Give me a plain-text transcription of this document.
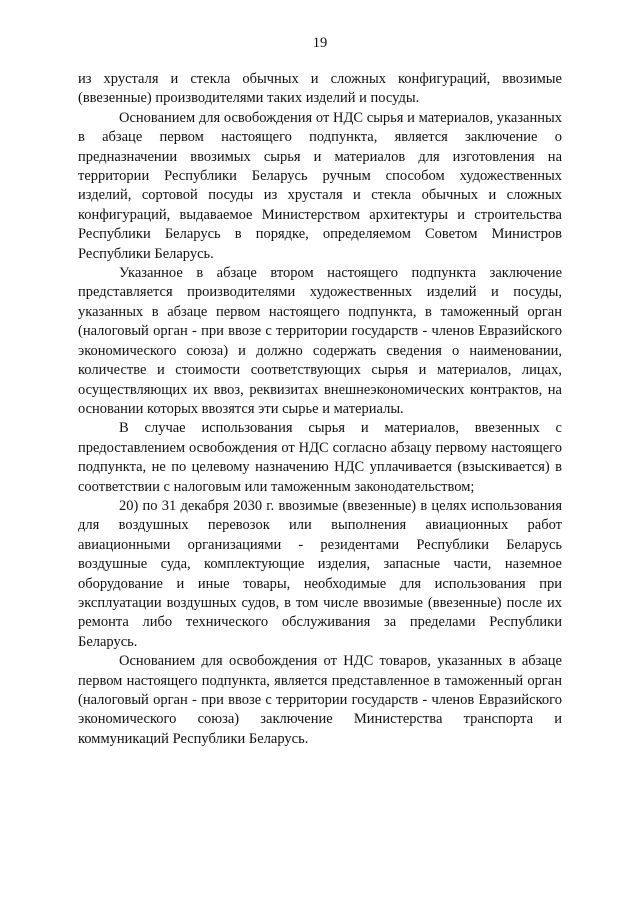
19

из хрусталя и стекла обычных и сложных конфигураций, ввозимые (ввезенные) производителями таких изделий и посуды.

Основанием для освобождения от НДС сырья и материалов, указанных в абзаце первом настоящего подпункта, является заключение о предназначении ввозимых сырья и материалов для изготовления на территории Республики Беларусь ручным способом художественных изделий, сортовой посуды из хрусталя и стекла обычных и сложных конфигураций, выдаваемое Министерством архитектуры и строительства Республики Беларусь в порядке, определяемом Советом Министров Республики Беларусь.

Указанное в абзаце втором настоящего подпункта заключение представляется производителями художественных изделий и посуды, указанных в абзаце первом настоящего подпункта, в таможенный орган (налоговый орган - при ввозе с территории государств - членов Евразийского экономического союза) и должно содержать сведения о наименовании, количестве и стоимости соответствующих сырья и материалов, лицах, осуществляющих их ввоз, реквизитах внешнеэкономических контрактов, на основании которых ввозятся эти сырье и материалы.

В случае использования сырья и материалов, ввезенных с предоставлением освобождения от НДС согласно абзацу первому настоящего подпункта, не по целевому назначению НДС уплачивается (взыскивается) в соответствии с налоговым или таможенным законодательством;

20) по 31 декабря 2030 г. ввозимые (ввезенные) в целях использования для воздушных перевозок или выполнения авиационных работ авиационными организациями - резидентами Республики Беларусь воздушные суда, комплектующие изделия, запасные части, наземное оборудование и иные товары, необходимые для использования при эксплуатации воздушных судов, в том числе ввозимые (ввезенные) после их ремонта либо технического обслуживания за пределами Республики Беларусь.

Основанием для освобождения от НДС товаров, указанных в абзаце первом настоящего подпункта, является представленное в таможенный орган (налоговый орган - при ввозе с территории государств - членов Евразийского экономического союза) заключение Министерства транспорта и коммуникаций Республики Беларусь.
